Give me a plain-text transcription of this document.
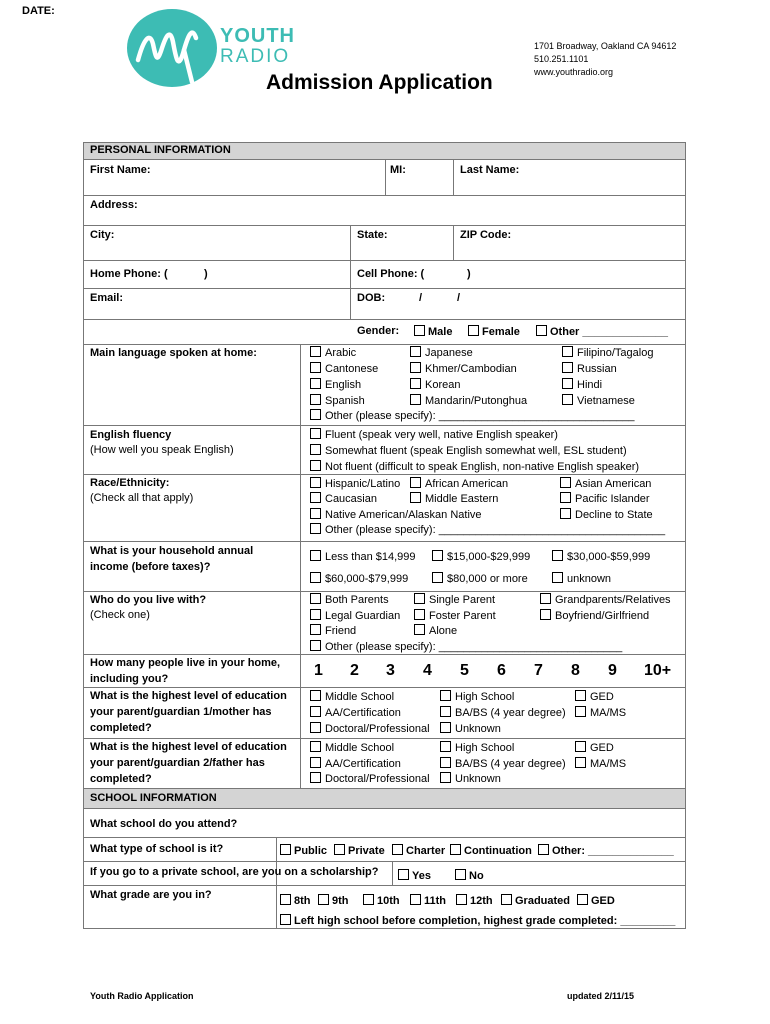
DATE:
YOUTH
RADIO
Admission Application
1701 Broadway, Oakland CA 94612
510.251.1101
www.youthradio.org
PERSONAL INFORMATION
SCHOOL INFORMATION
First Name:	MI:	Last Name:
Address:
City:	State:	ZIP Code:
Home Phone: (	)	Cell Phone: (	)
Email:	DOB:	/	/
Gender:	Male	Female	Other ______________
Main language spoken at home:	Arabic	Japanese	Filipino/Tagalog
Cantonese	Khmer/Cambodian	Russian
English	Korean	Hindi
Spanish	Mandarin/Putonghua	Vietnamese
Other (please specify): ________________________________
English fluency
(How well you speak English)
Fluent (speak very well, native English speaker)
Somewhat fluent (speak English somewhat well, ESL student)
Not fluent (difficult to speak English, non-native English speaker)
Race/Ethnicity:
(Check all that apply)
Hispanic/Latino	African American	Asian American
Caucasian	Middle Eastern	Pacific Islander
Native American/Alaskan Native	Decline to State
Other (please specify): _____________________________________
What is your household annual income (before taxes)?
Less than $14,999	$15,000-$29,999	$30,000-$59,999
$60,000-$79,999	$80,000 or more	unknown
Who do you live with?
(Check one)
Both Parents	Single Parent	Grandparents/Relatives
Legal Guardian	Foster Parent	Boyfriend/Girlfriend
Friend	Alone
Other (please specify): ______________________________
How many people live in your home, including you?	1 2 3 4 5 6 7 8 9 10+
What is the highest level of education your parent/guardian 1/mother has completed?
Middle School	High School	GED
AA/Certification	BA/BS (4 year degree)	MA/MS
Doctoral/Professional	Unknown
What is the highest level of education your parent/guardian 2/father has completed?
Middle School	High School	GED
AA/Certification	BA/BS (4 year degree)	MA/MS
Doctoral/Professional	Unknown
What school do you attend?
What type of school is it?	Public	Private	Charter	Continuation	Other: ______________
If you go to a private school, are you on a scholarship?	Yes	No
What grade are you in?	8th	9th	10th	11th	12th	Graduated	GED
Left high school before completion, highest grade completed: _________
Youth Radio Application	updated 2/11/15
